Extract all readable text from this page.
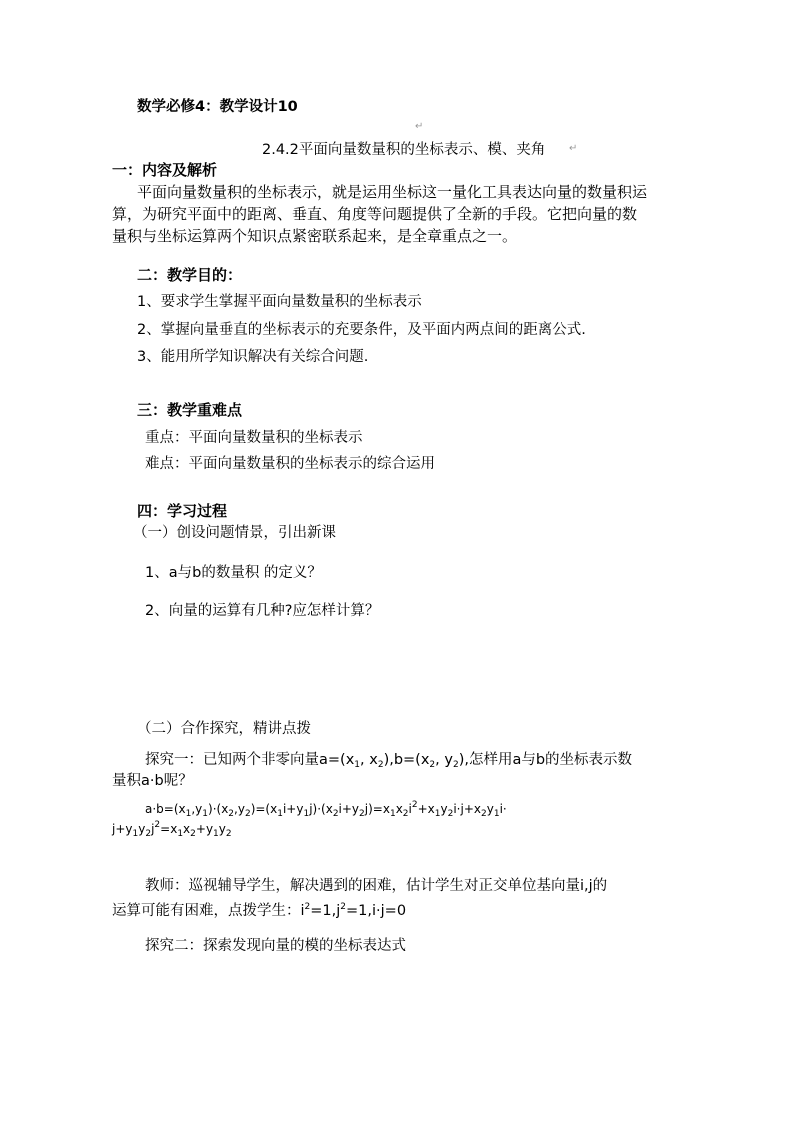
数学必修4：教学设计10
↵
2.4.2平面向量数量积的坐标表示、模、夹角 ↵
一：内容及解析
平面向量数量积的坐标表示，就是运用坐标这一量化工具表达向量的数量积运
算，为研究平面中的距离、垂直、角度等问题提供了全新的手段。它把向量的数
量积与坐标运算两个知识点紧密联系起来，是全章重点之一。
二：教学目的：
1、要求学生掌握平面向量数量积的坐标表示
2、掌握向量垂直的坐标表示的充要条件，及平面内两点间的距离公式.
3、能用所学知识解决有关综合问题.
三：教学重难点
重点：平面向量数量积的坐标表示
难点：平面向量数量积的坐标表示的综合运用
四：学习过程
（一）创设问题情景，引出新课
1、a与b的数量积 的定义？
2、向量的运算有几种?应怎样计算？
（二）合作探究，精讲点拨
探究一：已知两个非零向量$a=(x_1$, $x_2),b=(x_2$, $y_2$),怎样用a与b的坐标表示数
量积a·b呢？
$a\cdot b=(x_1,y_1)\cdot(x_2,y_2)=(x_1i+y_1j)\cdot(x_2i+y_2j)=x_1x_2i^2+x_1y_2i\cdot j+x_2y_1i\cdot$
$j+y_1y_2j^2=x_1x_2+y_1y_2$
教师：巡视辅导学生，解决遇到的困难，估计学生对正交单位基向量i,j的
运算可能有困难，点拨学生：$i^2=1,j^2=1,i\cdot j=0$
探究二：探索发现向量的模的坐标表达式
